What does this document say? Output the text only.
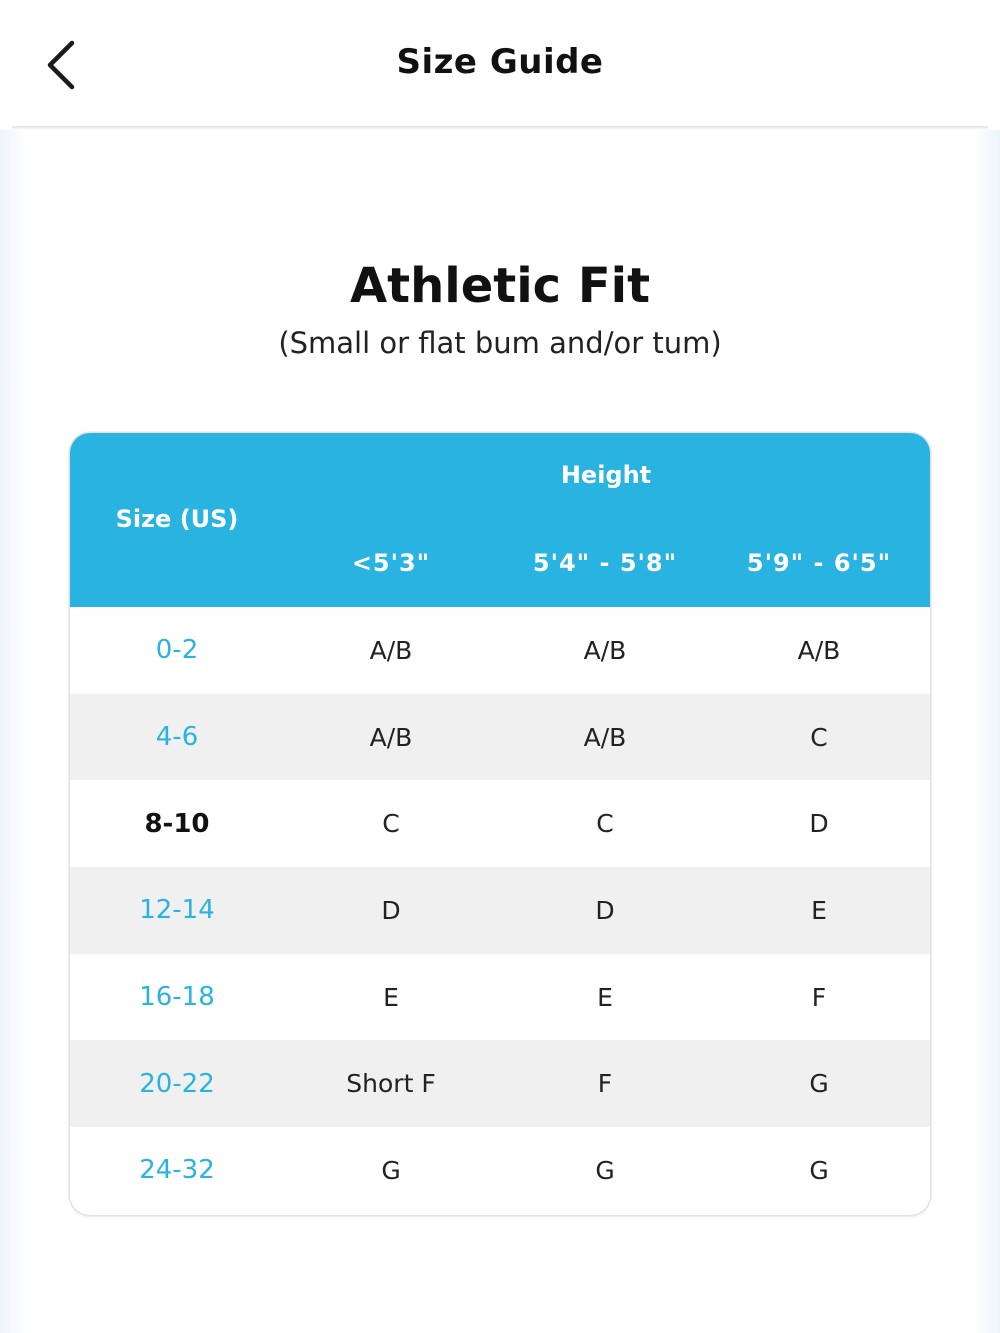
Size Guide
Athletic Fit
(Small or flat bum and/or tum)
Size (US)
Height
<5'3"	5'4" - 5'8"	5'9" - 6'5"
0-2	A/B	A/B	A/B
4-6	A/B	A/B	C
8-10	C	C	D
12-14	D	D	E
16-18	E	E	F
20-22	Short F	F	G
24-32	G	G	G
